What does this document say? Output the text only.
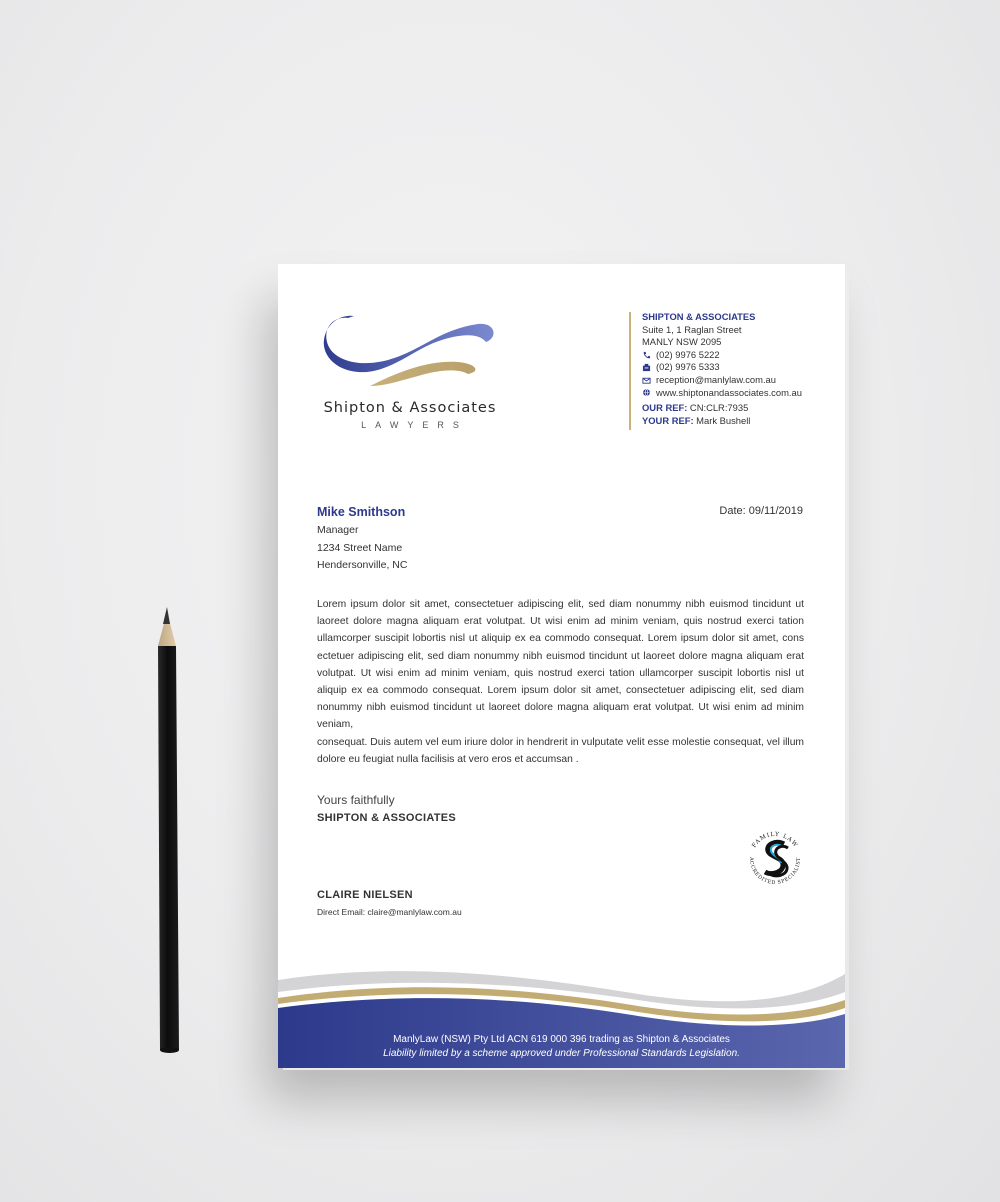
Shipton & Associates
LAWYERS
SHIPTON & ASSOCIATES
Suite 1, 1 Raglan Street
MANLY NSW 2095
(02) 9976 5222
(02) 9976 5333
reception@manlylaw.com.au
www.shiptonandassociates.com.au
OUR REF: CN:CLR:7935
YOUR REF: Mark Bushell
Mike Smithson
Manager
1234 Street Name
Hendersonville, NC
Date: 09/11/2019

Lorem ipsum dolor sit amet, consectetuer adipiscing elit, sed diam nonummy nibh euismod tincidunt ut laoreet dolore magna aliquam erat volutpat. Ut wisi enim ad minim veniam, quis nostrud exerci tation ullamcorper suscipit lobortis nisl ut aliquip ex ea commodo consequat. Lorem ipsum dolor sit amet, cons ectetuer adipiscing elit, sed diam nonummy nibh euismod tincidunt ut laoreet dolore magna aliquam erat volutpat. Ut wisi enim ad minim veniam, quis nostrud exerci tation ullamcorper suscipit lobortis nisl ut aliquip ex ea commodo consequat. Lorem ipsum dolor sit amet, consectetuer adipiscing elit, sed diam nonummy nibh euismod tincidunt ut laoreet dolore magna aliquam erat volutpat. Ut wisi enim ad minim veniam,

consequat. Duis autem vel eum iriure dolor in hendrerit in vulputate velit esse molestie consequat, vel illum dolore eu feugiat nulla facilisis at vero eros et accumsan .

Yours faithfully
SHIPTON & ASSOCIATES
CLAIRE NIELSEN
Direct Email: claire@manlylaw.com.au
FAMILY LAW
ACCREDITED SPECIALIST
ManlyLaw (NSW) Pty Ltd ACN 619 000 396 trading as Shipton & Associates
Liability limited by a scheme approved under Professional Standards Legislation.
